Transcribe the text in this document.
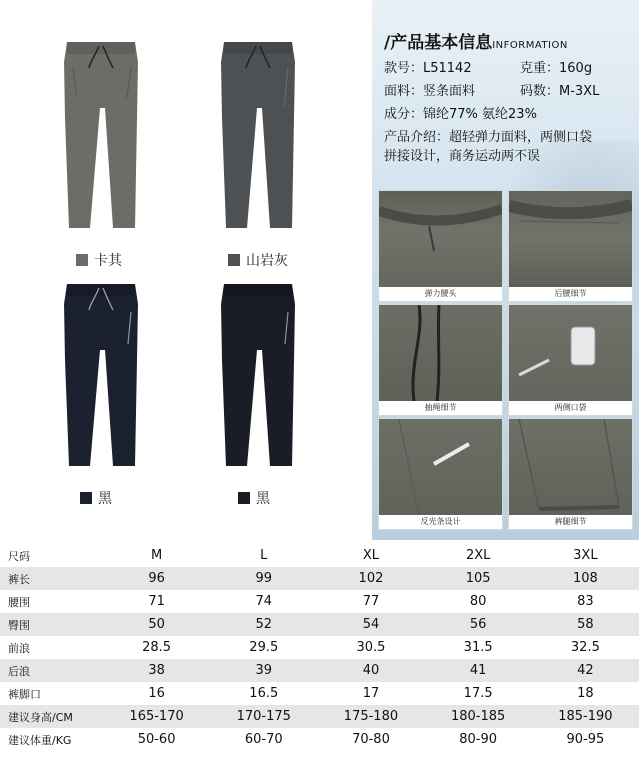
卡其	山岩灰
黑	黑
/产品基本信息INFORMATION
款号：L51142	克重：160g
面料：竖条面料	码数：M-3XL
成分：锦纶77% 氨纶23%
产品介绍：超轻弹力面料，两侧口袋
拼接设计，商务运动两不误
弹力腰头	后腰细节
抽绳细节	两侧口袋
反光条设计	裤腿细节
尺码	M	L	XL	2XL	3XL
裤长	96	99	102	105	108
腰围	71	74	77	80	83
臀围	50	52	54	56	58
前浪	28.5	29.5	30.5	31.5	32.5
后浪	38	39	40	41	42
裤脚口	16	16.5	17	17.5	18
建议身高/CM	165-170	170-175	175-180	180-185	185-190
建议体重/KG	50-60	60-70	70-80	80-90	90-95
